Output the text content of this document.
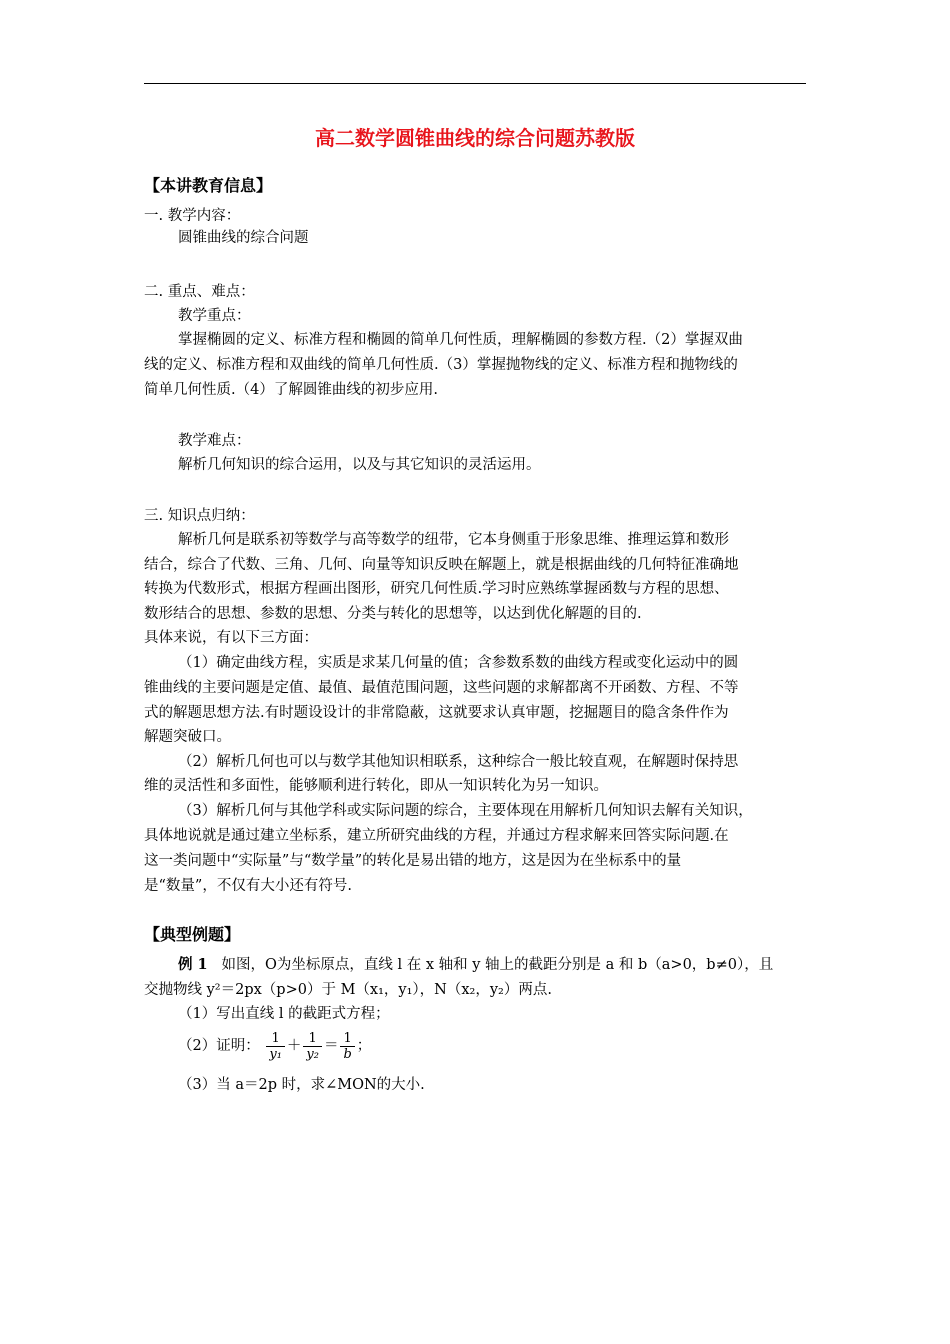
高二数学圆锥曲线的综合问题苏教版
【本讲教育信息】
一. 教学内容：
圆锥曲线的综合问题
二. 重点、难点：
教学重点：
掌握椭圆的定义、标准方程和椭圆的简单几何性质，理解椭圆的参数方程.（2）掌握双曲
线的定义、标准方程和双曲线的简单几何性质.（3）掌握抛物线的定义、标准方程和抛物线的
简单几何性质.（4）了解圆锥曲线的初步应用.
教学难点：
解析几何知识的综合运用，以及与其它知识的灵活运用。
三. 知识点归纳：
解析几何是联系初等数学与高等数学的纽带，它本身侧重于形象思维、推理运算和数形
结合，综合了代数、三角、几何、向量等知识反映在解题上，就是根据曲线的几何特征准确地
转换为代数形式，根据方程画出图形，研究几何性质.学习时应熟练掌握函数与方程的思想、
数形结合的思想、参数的思想、分类与转化的思想等，以达到优化解题的目的.
具体来说，有以下三方面：
（1）确定曲线方程，实质是求某几何量的值；含参数系数的曲线方程或变化运动中的圆
锥曲线的主要问题是定值、最值、最值范围问题，这些问题的求解都离不开函数、方程、不等
式的解题思想方法.有时题设设计的非常隐蔽，这就要求认真审题，挖掘题目的隐含条件作为
解题突破口。
（2）解析几何也可以与数学其他知识相联系，这种综合一般比较直观，在解题时保持思
维的灵活性和多面性，能够顺利进行转化，即从一知识转化为另一知识。
（3）解析几何与其他学科或实际问题的综合，主要体现在用解析几何知识去解有关知识，
具体地说就是通过建立坐标系，建立所研究曲线的方程，并通过方程求解来回答实际问题.在
这一类问题中“实际量”与“数学量”的转化是易出错的地方，这是因为在坐标系中的量
是“数量”，不仅有大小还有符号.
【典型例题】
例 1 如图，O为坐标原点，直线 l 在 x 轴和 y 轴上的截距分别是 a 和 b（a>0，b≠0），且
交抛物线 y²＝2px（p>0）于 M（x₁，y₁），N（x₂，y₂）两点.
（1）写出直线 l 的截距式方程；
（2）证明： $\frac{1}{\text{y₁}} + \frac{1}{\text{y₂}} = \frac{1}{b}$ ；
（3）当 a＝2p 时，求∠MON的大小.
